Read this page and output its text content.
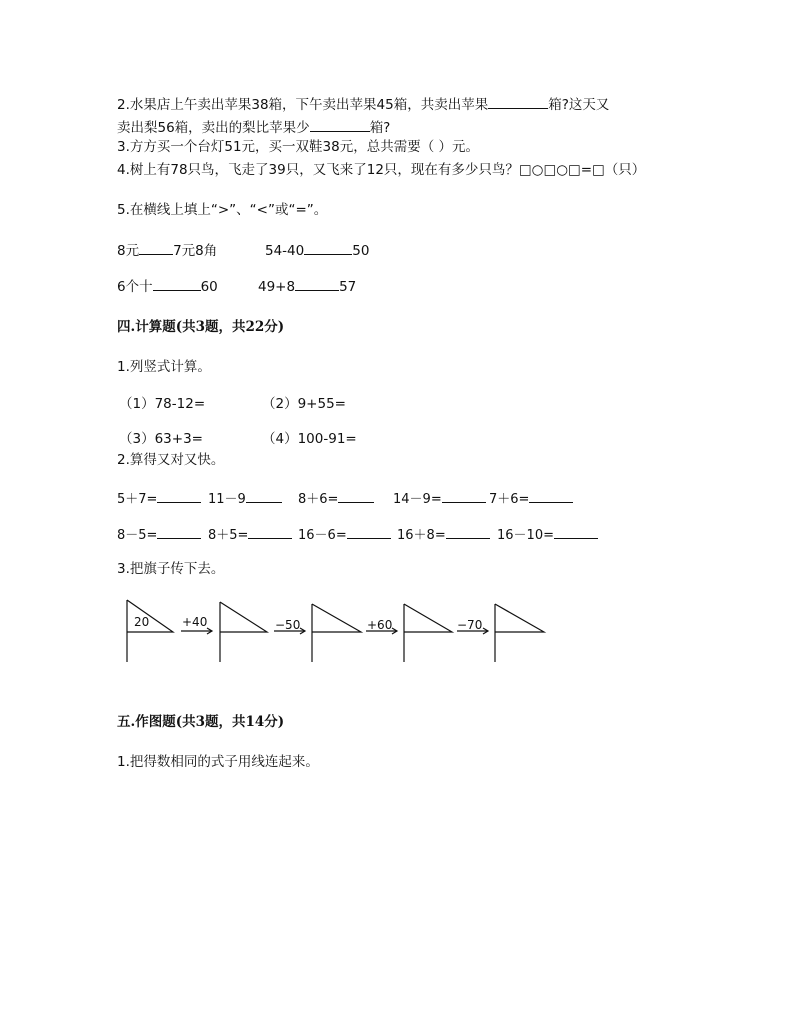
2.水果店上午卖出苹果38箱，下午卖出苹果45箱，共卖出苹果	箱?这天又
卖出梨56箱，卖出的梨比苹果少	箱?
3.方方买一个台灯51元，买一双鞋38元，总共需要（ ）元。
4.树上有78只鸟，飞走了39只，又飞来了12只，现在有多少只鸟？□○□○□=□（只）
5.在横线上填上“>”、“<”或“=”。
8元	7元8角	54-40	50
6个十	60	49+8	57
四.计算题(共3题，共22分)
1.列竖式计算。
（1）78-12=	（2）9+55=
（3）63+3=	（4）100-91=
2.算得又对又快。
5＋7=	11－9	8＋6=	14－9=	7＋6=
8－5=	8＋5=	16－6=	16＋8=	16－10=
3.把旗子传下去。
20	+40	−50	+60	−70
五.作图题(共3题，共14分)
1.把得数相同的式子用线连起来。
